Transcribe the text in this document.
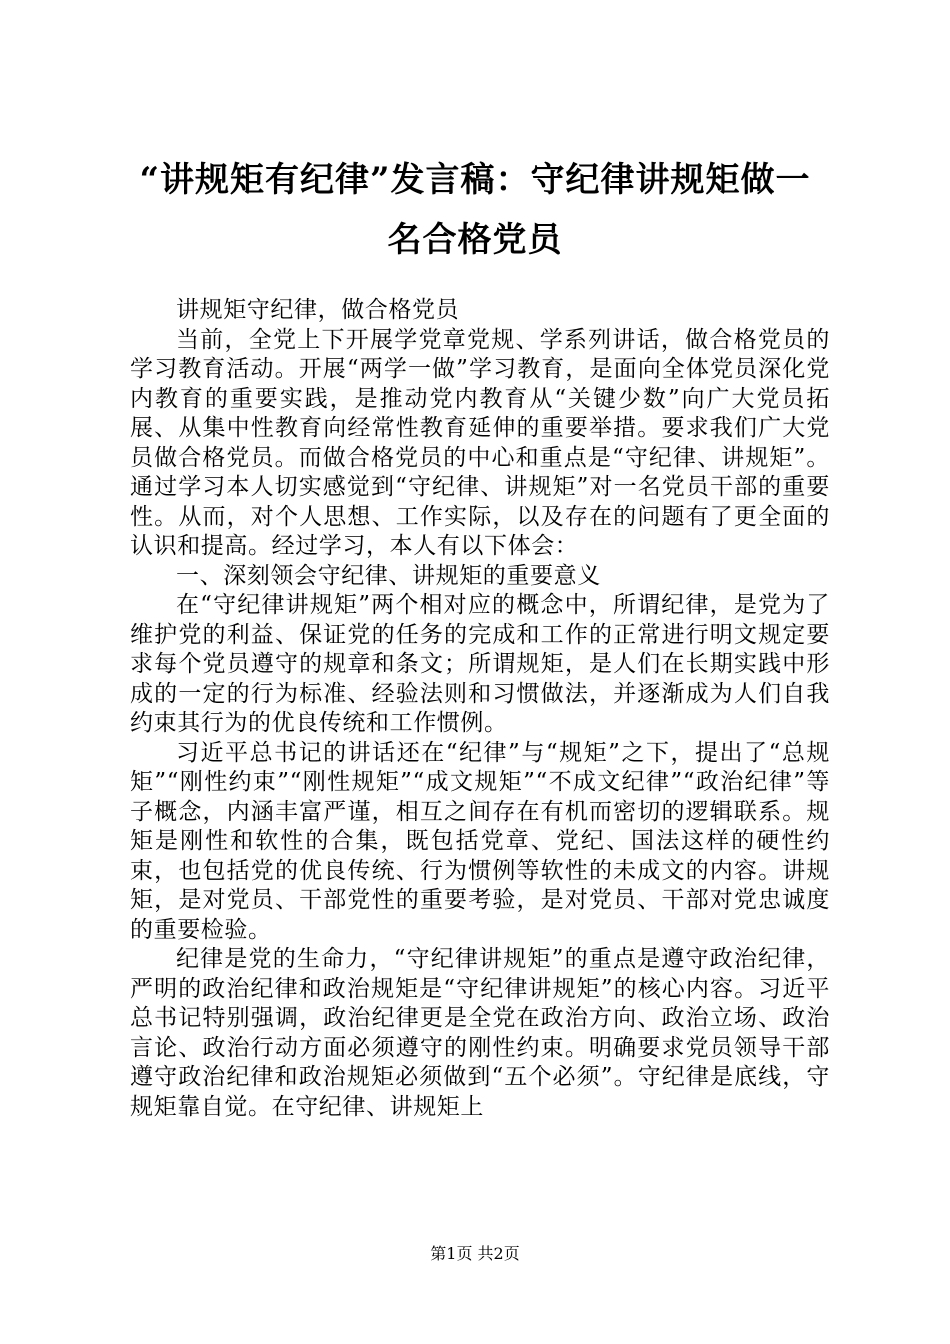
“讲规矩有纪律”发言稿：守纪律讲规矩做一
名合格党员

讲规矩守纪律，做合格党员

当前，全党上下开展学党章党规、学系列讲话，做合格党员的学习教育活动。开展“两学一做”学习教育，是面向全体党员深化党内教育的重要实践，是推动党内教育从“关键少数”向广大党员拓展、从集中性教育向经常性教育延伸的重要举措。要求我们广大党员做合格党员。而做合格党员的中心和重点是“守纪律、讲规矩”。通过学习本人切实感觉到“守纪律、讲规矩”对一名党员干部的重要性。从而，对个人思想、工作实际，以及存在的问题有了更全面的认识和提高。经过学习，本人有以下体会：

一、深刻领会守纪律、讲规矩的重要意义

在“守纪律讲规矩”两个相对应的概念中，所谓纪律，是党为了维护党的利益、保证党的任务的完成和工作的正常进行明文规定要求每个党员遵守的规章和条文；所谓规矩，是人们在长期实践中形成的一定的行为标准、经验法则和习惯做法，并逐渐成为人们自我约束其行为的优良传统和工作惯例。

习近平总书记的讲话还在“纪律”与“规矩”之下，提出了“总规矩”“刚性约束”“刚性规矩”“成文规矩”“不成文纪律”“政治纪律”等子概念，内涵丰富严谨，相互之间存在有机而密切的逻辑联系。规矩是刚性和软性的合集，既包括党章、党纪、国法这样的硬性约束，也包括党的优良传统、行为惯例等软性的未成文的内容。讲规矩，是对党员、干部党性的重要考验，是对党员、干部对党忠诚度的重要检验。

纪律是党的生命力，“守纪律讲规矩”的重点是遵守政治纪律，严明的政治纪律和政治规矩是“守纪律讲规矩”的核心内容。习近平总书记特别强调，政治纪律更是全党在政治方向、政治立场、政治言论、政治行动方面必须遵守的刚性约束。明确要求党员领导干部遵守政治纪律和政治规矩必须做到“五个必须”。守纪律是底线，守规矩靠自觉。在守纪律、讲规矩上

第1页 共2页
